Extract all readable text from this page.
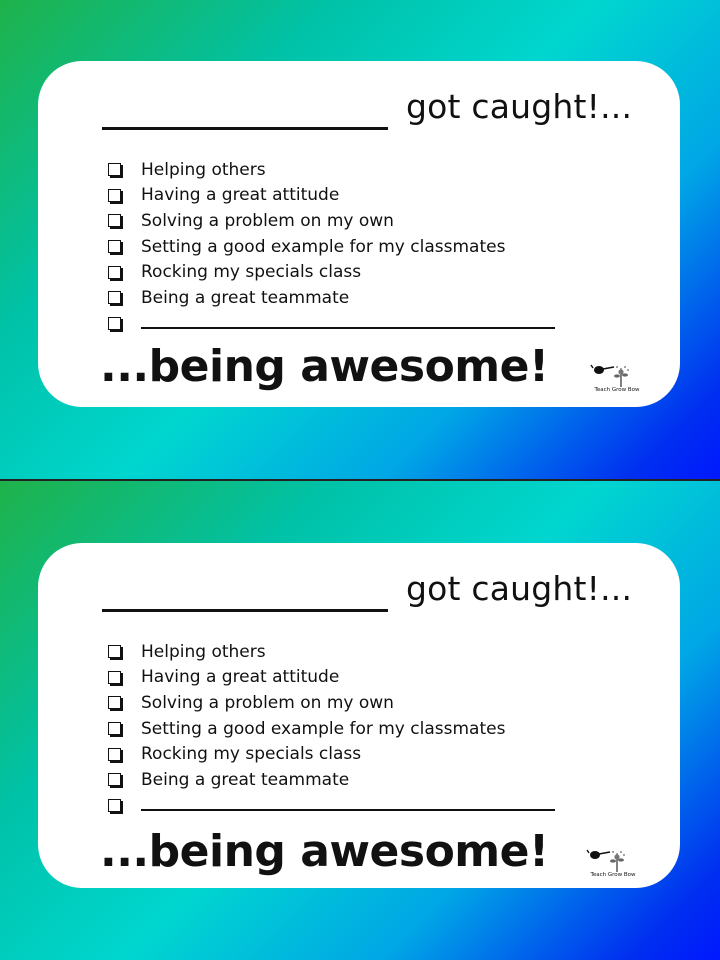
got caught!...
Helping others
Having a great attitude
Solving a problem on my own
Setting a good example for my classmates
Rocking my specials class
Being a great teammate
...being awesome!	Teach Grow Bow
got caught!...
Helping others
Having a great attitude
Solving a problem on my own
Setting a good example for my classmates
Rocking my specials class
Being a great teammate
...being awesome!	Teach Grow Bow
